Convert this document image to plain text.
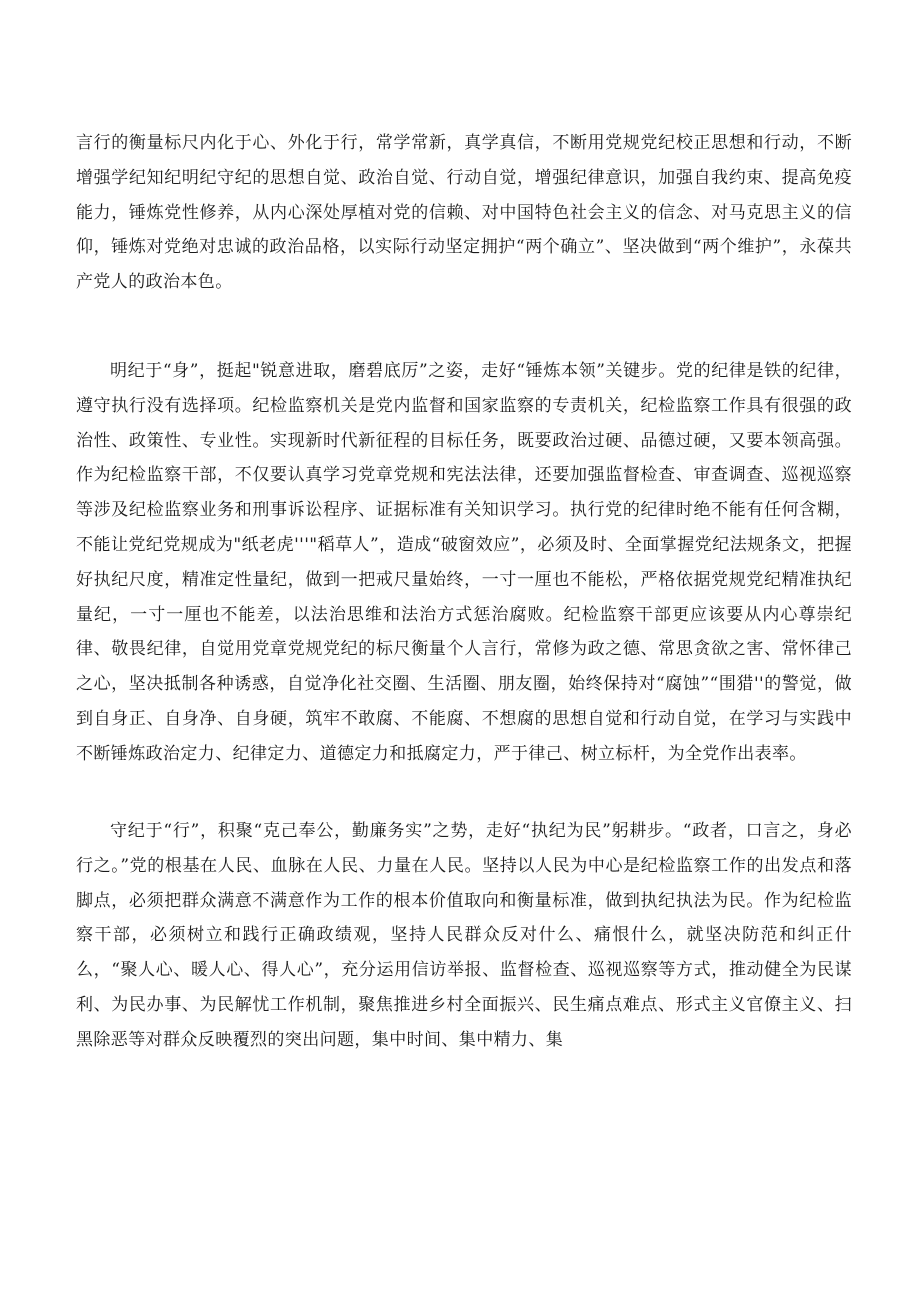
言行的衡量标尺内化于心、外化于行，常学常新，真学真信，不断用党规党纪校正思想和行动，不断增强学纪知纪明纪守纪的思想自觉、政治自觉、行动自觉，增强纪律意识，加强自我约束、提高免疫能力，锤炼党性修养，从内心深处厚植对党的信赖、对中国特色社会主义的信念、对马克思主义的信仰，锤炼对党绝对忠诚的政治品格，以实际行动坚定拥护“两个确立”、坚决做到“两个维护”，永葆共产党人的政治本色。

明纪于“身”，挺起"锐意进取，磨碧底厉”之姿，走好“锤炼本领”关键步。党的纪律是铁的纪律，遵守执行没有选择项。纪检监察机关是党内监督和国家监察的专责机关，纪检监察工作具有很强的政治性、政策性、专业性。实现新时代新征程的目标任务，既要政治过硬、品德过硬，又要本领高强。作为纪检监察干部，不仅要认真学习党章党规和宪法法律，还要加强监督检查、审查调查、巡视巡察等涉及纪检监察业务和刑事诉讼程序、证据标准有关知识学习。执行党的纪律时绝不能有任何含糊，不能让党纪党规成为"纸老虎'''"稻草人”，造成“破窗效应”，必须及时、全面掌握党纪法规条文，把握好执纪尺度，精准定性量纪，做到一把戒尺量始终，一寸一厘也不能松，严格依据党规党纪精准执纪量纪，一寸一厘也不能差，以法治思维和法治方式惩治腐败。纪检监察干部更应该要从内心尊崇纪律、敬畏纪律，自觉用党章党规党纪的标尺衡量个人言行，常修为政之德、常思贪欲之害、常怀律己之心，坚决抵制各种诱惑，自觉净化社交圈、生活圈、朋友圈，始终保持对“腐蚀”“围猎''的警觉，做到自身正、自身净、自身硬，筑牢不敢腐、不能腐、不想腐的思想自觉和行动自觉，在学习与实践中不断锤炼政治定力、纪律定力、道德定力和抵腐定力，严于律己、树立标杆，为全党作出表率。

守纪于“行”，积聚“克己奉公，勤廉务实”之势，走好“执纪为民”躬耕步。“政者，口言之，身必行之。”党的根基在人民、血脉在人民、力量在人民。坚持以人民为中心是纪检监察工作的出发点和落脚点，必须把群众满意不满意作为工作的根本价值取向和衡量标准，做到执纪执法为民。作为纪检监察干部，必须树立和践行正确政绩观，坚持人民群众反对什么、痛恨什么，就坚决防范和纠正什么，“聚人心、暖人心、得人心”，充分运用信访举报、监督检查、巡视巡察等方式，推动健全为民谋利、为民办事、为民解忧工作机制，聚焦推进乡村全面振兴、民生痛点难点、形式主义官僚主义、扫黑除恶等对群众反映覆烈的突出问题，集中时间、集中精力、集
